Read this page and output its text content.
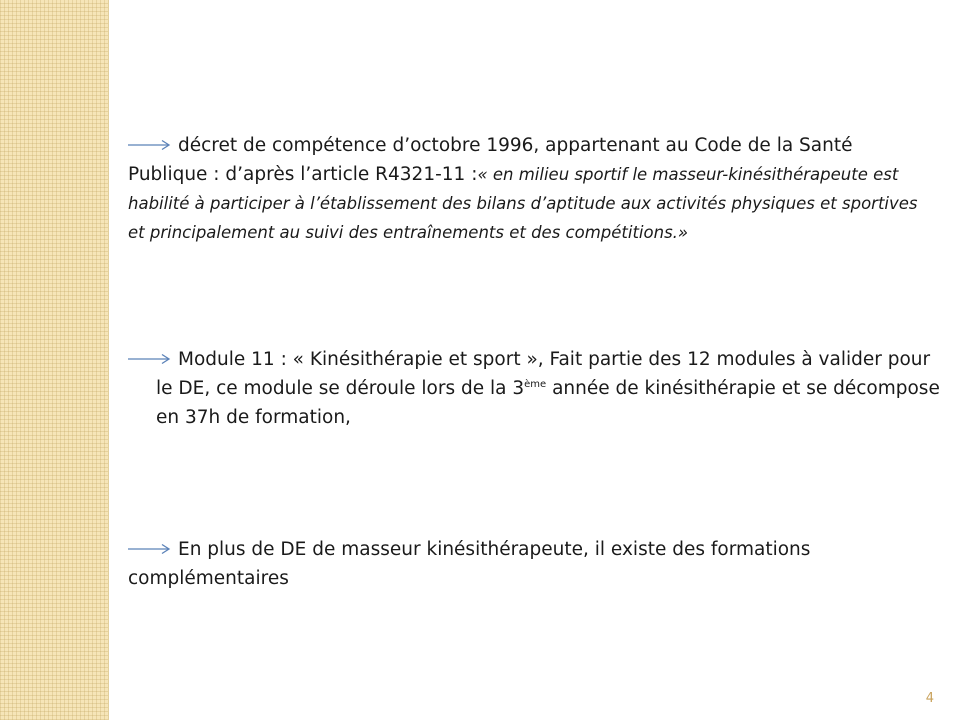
décret de compétence d’octobre 1996, appartenant au Code de la Santé Publique : d’après l’article R4321-11 :« en milieu sportif le masseur-kinésithérapeute est habilité à participer à l’établissement des bilans d’aptitude aux activités physiques et sportives et principalement au suivi des entraînements et des compétitions.»
Module 11 : « Kinésithérapie et sport », Fait partie des 12 modules à valider pour le DE, ce module se déroule lors de la 3ème année de kinésithérapie et se décompose en 37h de formation,
En plus de DE de masseur kinésithérapeute, il existe des formations complémentaires
4
